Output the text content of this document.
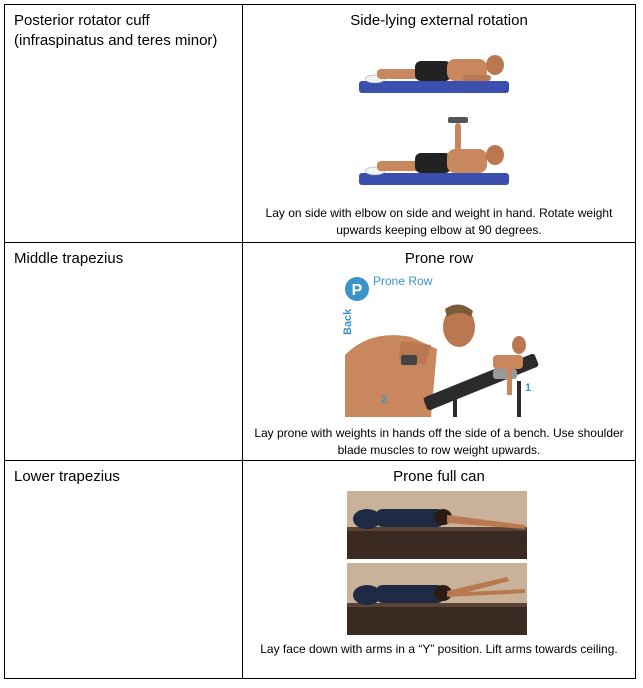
Posterior rotator cuff (infraspinatus and teres minor)
Side-lying external rotation
Lay on side with elbow on side and weight in hand. Rotate weight upwards keeping elbow at 90 degrees.
Middle trapezius	Prone row
P
Prone Row
Back
2
1
Lay prone with weights in hands off the side of a bench. Use shoulder blade muscles to row weight upwards.
Lower trapezius	Prone full can
Lay face down with arms in a “Y” position. Lift arms towards ceiling.
